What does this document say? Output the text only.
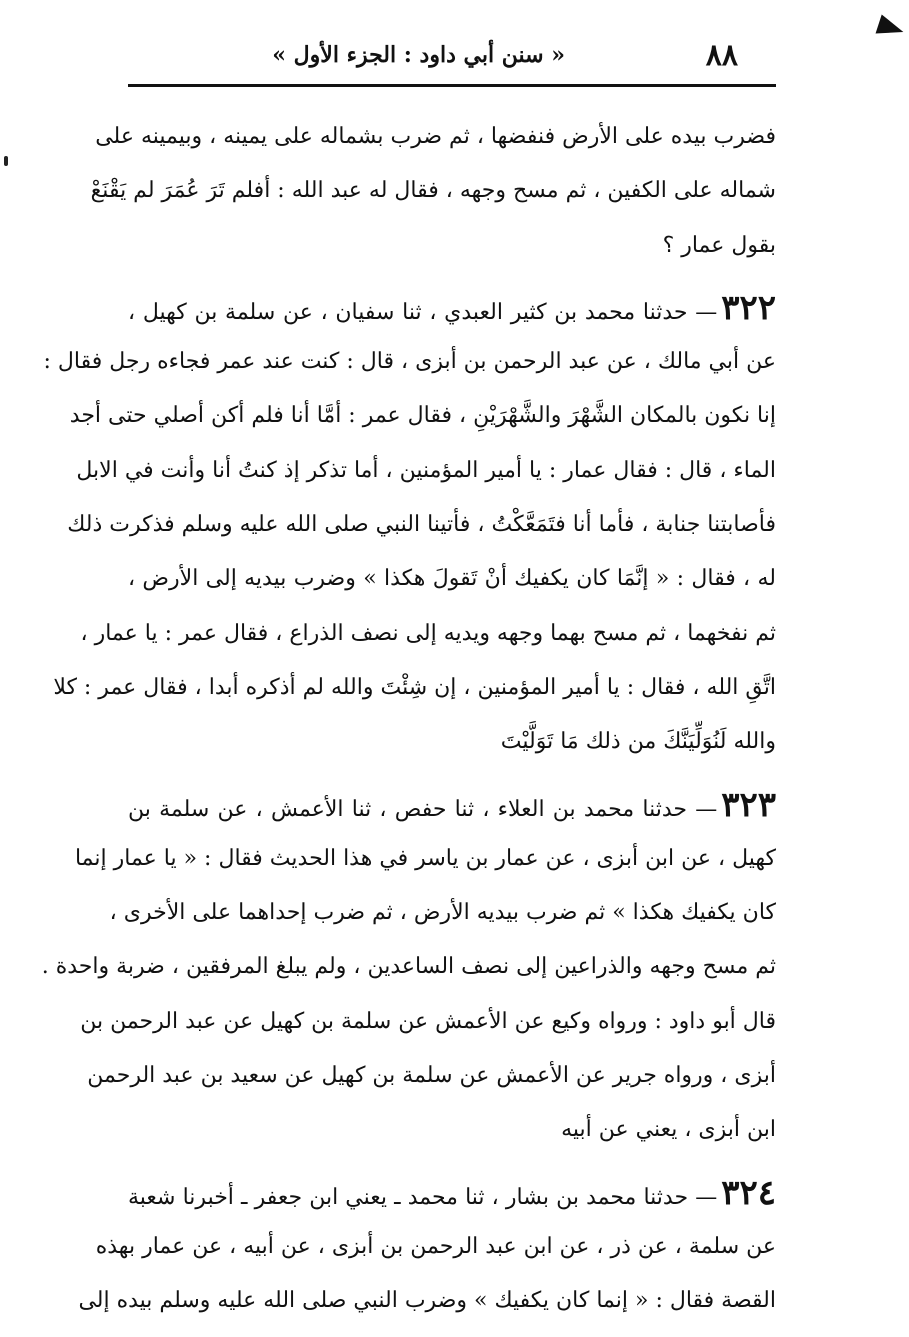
٨٨
« سنن أبي داود : الجزء الأول »
فضرب بيده على الأرض فنفضها ، ثم ضرب بشماله على يمينه ، وبيمينه على
شماله على الكفين ، ثم مسح وجهه ، فقال له عبد الله : أفلم تَرَ عُمَرَ لم يَقْنَعْ
بقول عمار ؟
٣٢٢— حدثنا محمد بن كثير العبدي ، ثنا سفيان ، عن سلمة بن كهيل ،
عن أبي مالك ، عن عبد الرحمن بن أبزى ، قال : كنت عند عمر فجاءه رجل فقال :
إنا نكون بالمكان الشَّهْرَ والشَّهْرَيْنِ ، فقال عمر : أمَّا أنا فلم أكن أصلي حتى أجد
الماء ، قال : فقال عمار : يا أمير المؤمنين ، أما تذكر إذ كنتُ أنا وأنت في الابل
فأصابتنا جنابة ، فأما أنا فتَمَعَّكْتُ ، فأتينا النبي صلى الله عليه وسلم فذكرت ذلك
له ، فقال : « إنَّمَا كان يكفيك أنْ تَقولَ هكذا » وضرب بيديه إلى الأرض ،
ثم نفخهما ، ثم مسح بهما وجهه ويديه إلى نصف الذراع ، فقال عمر : يا عمار ،
اتَّقِ الله ، فقال : يا أمير المؤمنين ، إن شِئْتَ والله لم أذكره أبدا ، فقال عمر : كلا
والله لَنُوَلِّيَنَّكَ من ذلك مَا تَوَلَّيْتَ
٣٢٣— حدثنا محمد بن العلاء ، ثنا حفص ، ثنا الأعمش ، عن سلمة بن
كهيل ، عن ابن أبزى ، عن عمار بن ياسر في هذا الحديث فقال : « يا عمار إنما
كان يكفيك هكذا » ثم ضرب بيديه الأرض ، ثم ضرب إحداهما على الأخرى ،
ثم مسح وجهه والذراعين إلى نصف الساعدين ، ولم يبلغ المرفقين ، ضربة واحدة .
قال أبو داود : ورواه وكيع عن الأعمش عن سلمة بن كهيل عن عبد الرحمن بن
أبزى ، ورواه جرير عن الأعمش عن سلمة بن كهيل عن سعيد بن عبد الرحمن
ابن أبزى ، يعني عن أبيه
٣٢٤— حدثنا محمد بن بشار ، ثنا محمد ـ يعني ابن جعفر ـ أخبرنا شعبة
عن سلمة ، عن ذر ، عن ابن عبد الرحمن بن أبزى ، عن أبيه ، عن عمار بهذه
القصة فقال : « إنما كان يكفيك » وضرب النبي صلى الله عليه وسلم بيده إلى
